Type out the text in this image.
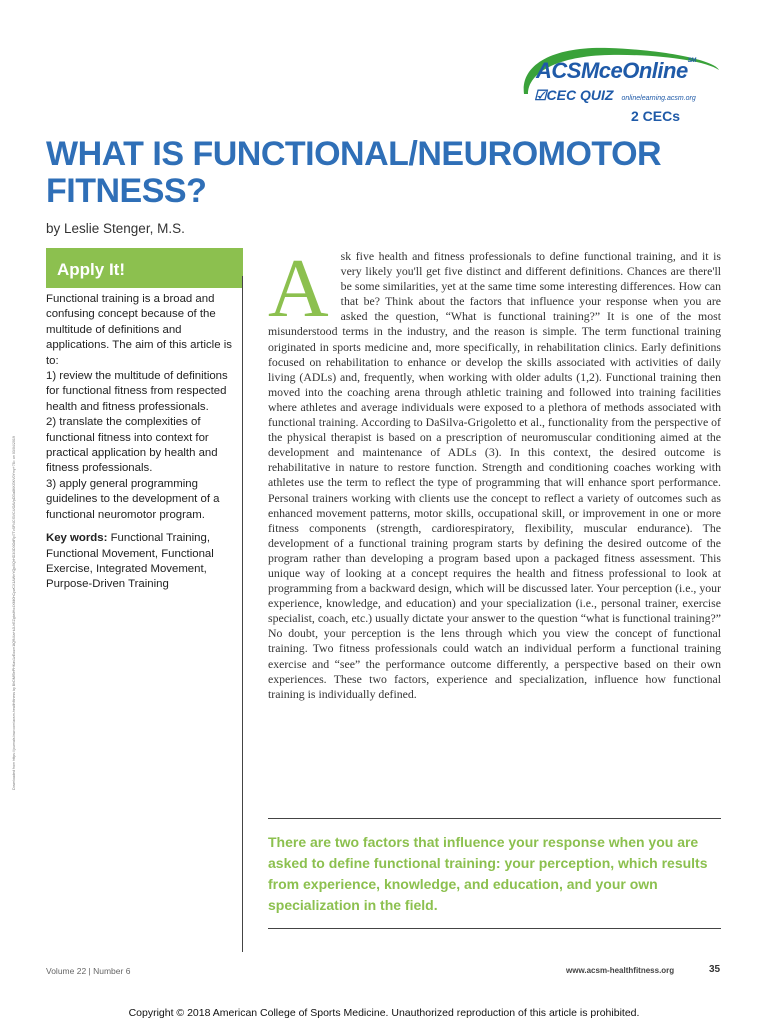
ACSMceOnline℠
☑CEC QUIZ onlinelearning.acsm.org
2 CECs
WHAT IS FUNCTIONAL/NEUROMOTOR FITNESS?
by Leslie Stenger, M.S.
Downloaded from https://journals.lww.com/acsm-healthfitness by BhDMf5ePHKav1zEoum1tQfN4a+kJLhEZgbsIHo4XMi0hCywCX1AWnYQp/IlQrHD3i3D0OdRyi7TvSFl4Cf3VC4/OAVpDDa8KKGKV0Ymy+78= on 03/04/2019
Apply It!

Functional training is a broad and confusing concept because of the multitude of definitions and applications. The aim of this article is to:

1) review the multitude of definitions for functional fitness from respected health and fitness professionals.

2) translate the complexities of functional fitness into context for practical application by health and fitness professionals.

3) apply general programming guidelines to the development of a functional neuromotor program.

Key words: Functional Training, Functional Movement, Functional Exercise, Integrated Movement, Purpose-Driven Training

A sk five health and fitness professionals to define functional training, and it is very likely you'll get five distinct and different definitions. Chances are there'll be some similarities, yet at the same time some interesting differences. How can that be? Think about the factors that influence your response when you are asked the question, “What is functional training?” It is one of the most misunderstood terms in the industry, and the reason is simple. The term functional training originated in sports medicine and, more specifically, in rehabilitation clinics. Early definitions focused on rehabilitation to enhance or develop the skills associated with activities of daily living (ADLs) and, frequently, when working with older adults (1,2). Functional training then moved into the coaching arena through athletic training and followed into training facilities where athletes and average individuals were exposed to a plethora of methods associated with functional training. According to DaSilva-Grigoletto et al., functionality from the perspective of the physical therapist is based on a prescription of neuromuscular conditioning aimed at the development and maintenance of ADLs (3). In this context, the desired outcome is rehabilitative in nature to restore function. Strength and conditioning coaches working with athletes use the term to reflect the type of programming that will enhance sport performance. Personal trainers working with clients use the concept to reflect a variety of outcomes such as enhanced movement patterns, motor skills, occupational skill, or improvement in one or more fitness components (strength, cardiorespiratory, flexibility, muscular endurance). The development of a functional training program starts by defining the desired outcome of the program rather than developing a program based upon a packaged fitness assessment. This unique way of looking at a concept requires the health and fitness professional to look at programming from a backward design, which will be discussed later. Your perception (i.e., your experience, knowledge, and education) and your specialization (i.e., personal trainer, exercise specialist, coach, etc.) usually dictate your answer to the question “what is functional training?” No doubt, your perception is the lens through which you view the concept of functional training. Two fitness professionals could watch an individual perform a functional training exercise and “see” the performance outcome differently, a perspective based on their own experiences. These two factors, experience and specialization, influence how functional training is individually defined.

There are two factors that influence your response when you are asked to define functional training: your perception, which results from experience, knowledge, and education, and your own specialization in the field.

Volume 22 | Number 6	www.acsm-healthfitness.org	35
Copyright © 2018 American College of Sports Medicine. Unauthorized reproduction of this article is prohibited.
